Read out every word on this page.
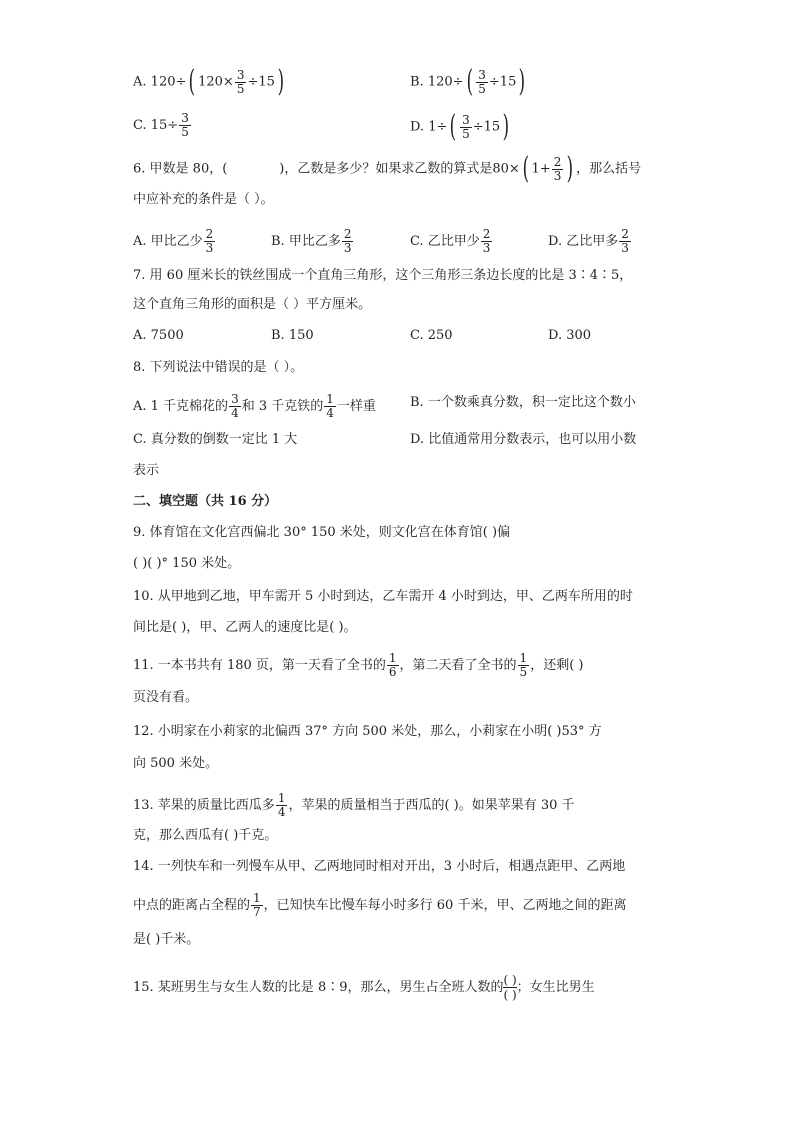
A. 120÷( $120\times \frac{3}{5} \div 15$)	B. $120\div( \frac{3}{5} \div 15)$
C. $15\div \frac{3}{5}$	D. $1\div( \frac{3}{5} \div 15)$
6. 甲数是 80，(	)，乙数是多少？如果求乙数的算式是80×( $1+ \frac{2}{3}$ ) ，那么括号
中应补充的条件是（ ）。
A. 甲比乙少 $\frac{2}{3}$	B. 甲比乙多 $\frac{2}{3}$	C. 乙比甲少 $\frac{2}{3}$	D. 乙比甲多 $\frac{2}{3}$
7. 用 60 厘米长的铁丝围成一个直角三角形，这个三角形三条边长度的比是 3∶4∶5，
这个直角三角形的面积是（ ）平方厘米。
A. 7500	B. 150	C. 250	D. 300
8. 下列说法中错误的是（ ）。
A. 1 千克棉花的 $\frac{3}{4}$ 和 3 千克铁的 $\frac{1}{4}$ 一样重	B. 一个数乘真分数，积一定比这个数小
C. 真分数的倒数一定比 1 大	D. 比值通常用分数表示，也可以用小数
表示
二、填空题（共 16 分）
9. 体育馆在文化宫西偏北 30° 150 米处，则文化宫在体育馆( )偏
( )( )° 150 米处。
10. 从甲地到乙地，甲车需开 5 小时到达，乙车需开 4 小时到达，甲、乙两车所用的时
间比是( )，甲、乙两人的速度比是( )。
11. 一本书共有 180 页，第一天看了全书的 $\frac{1}{6}$ ，第二天看了全书的 $\frac{1}{5}$ ，还剩( )
页没有看。
12. 小明家在小莉家的北偏西 37° 方向 500 米处，那么，小莉家在小明( )53° 方
向 500 米处。
13. 苹果的质量比西瓜多 $\frac{1}{4}$ ，苹果的质量相当于西瓜的( )。如果苹果有 30 千
克，那么西瓜有( )千克。
14. 一列快车和一列慢车从甲、乙两地同时相对开出，3 小时后，相遇点距甲、乙两地
中点的距离占全程的 $\frac{1}{7}$ ，已知快车比慢车每小时多行 60 千米，甲、乙两地之间的距离
是( )千米。
15. 某班男生与女生人数的比是 8∶9，那么，男生占全班人数的 $\frac{( )}{( )}$ ；女生比男生
